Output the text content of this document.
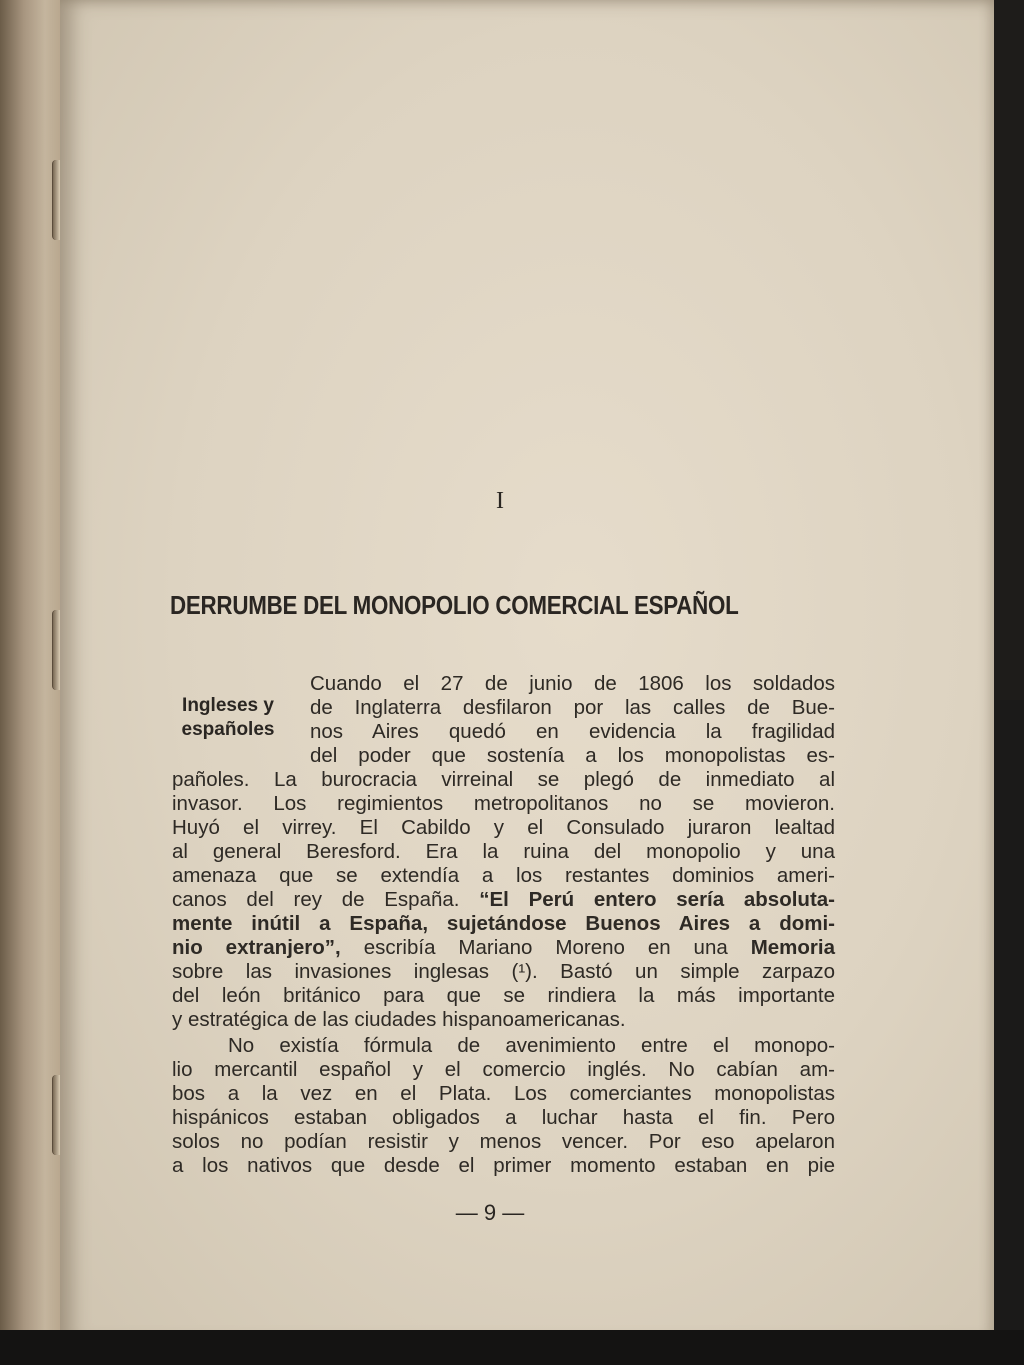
I
DERRUMBE DEL MONOPOLIO COMERCIAL ESPAÑOL
Ingleses y
españoles
Cuando el 27 de junio de 1806 los soldados
de Inglaterra desfilaron por las calles de Bue-
nos Aires quedó en evidencia la fragilidad
del poder que sostenía a los monopolistas es-
pañoles. La burocracia virreinal se plegó de inmediato al
invasor. Los regimientos metropolitanos no se movieron.
Huyó el virrey. El Cabildo y el Consulado juraron lealtad
al general Beresford. Era la ruina del monopolio y una
amenaza que se extendía a los restantes dominios ameri-
canos del rey de España. “El Perú entero sería absoluta-
mente inútil a España, sujetándose Buenos Aires a domi-
nio extranjero”, escribía Mariano Moreno en una Memoria
sobre las invasiones inglesas (¹). Bastó un simple zarpazo
del león británico para que se rindiera la más importante
y estratégica de las ciudades hispanoamericanas.
No existía fórmula de avenimiento entre el monopo-
lio mercantil español y el comercio inglés. No cabían am-
bos a la vez en el Plata. Los comerciantes monopolistas
hispánicos estaban obligados a luchar hasta el fin. Pero
solos no podían resistir y menos vencer. Por eso apelaron
a los nativos que desde el primer momento estaban en pie
— 9 —
